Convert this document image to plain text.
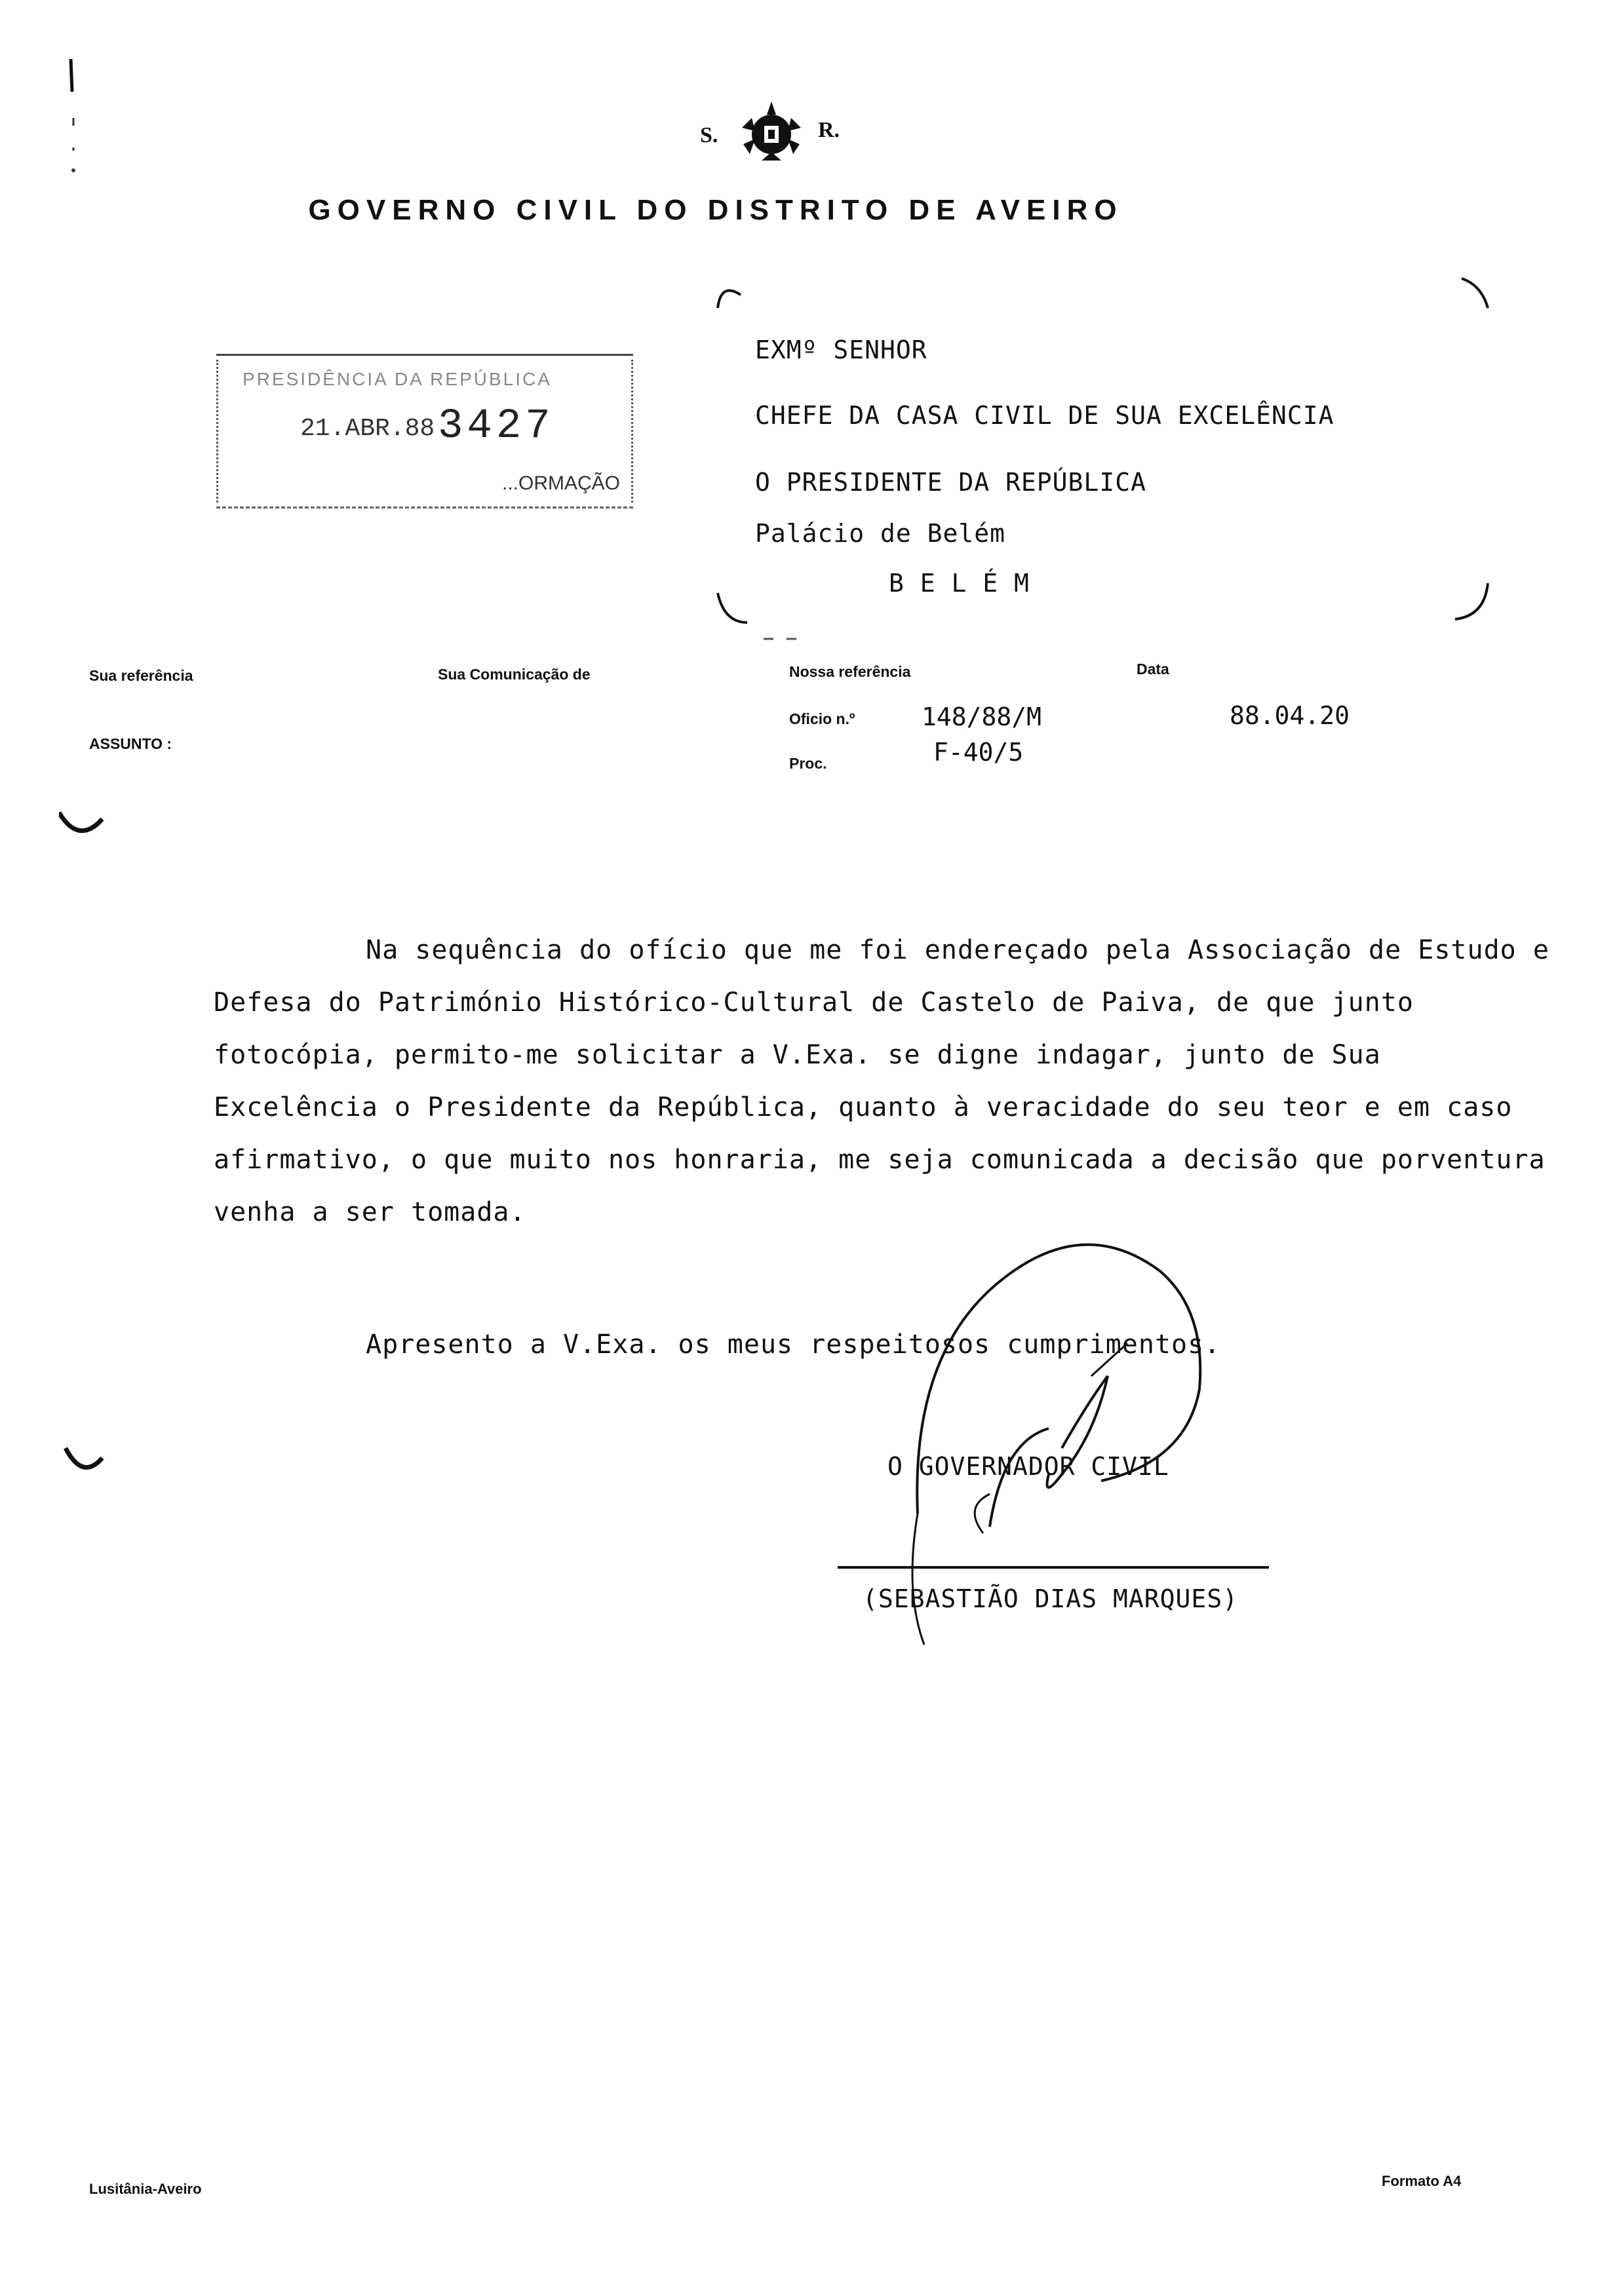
S.	R.
GOVERNO CIVIL DO DISTRITO DE AVEIRO
PRESIDÊNCIA DA REPÚBLICA
21.ABR.88 3427
...ORMAÇÃO
EXMº SENHOR
CHEFE DA CASA CIVIL DE SUA EXCELÊNCIA
O PRESIDENTE DA REPÚBLICA
Palácio de Belém
B E L É M
Sua referência	Sua Comunicação de	Nossa referência	Data
Oficio n.º	148/88/M	88.04.20
ASSUNTO :
Proc.	F-40/5

Na sequência do ofício que me foi endereçado pela Associação de Estudo e Defesa do Património Histórico-Cultural de Castelo de Paiva, de que junto fotocópia, permito-me solicitar a V.Exa. se digne indagar, junto de Sua Excelência o Presidente da República, quanto à veracidade do seu teor e em caso afirmativo, o que muito nos honraria, me seja comunicada a decisão que porventura venha a ser tomada.

Apresento a V.Exa. os meus respeitosos cumprimentos.

O GOVERNADOR CIVIL
(SEBASTIÃO DIAS MARQUES)
Lusitânia-Aveiro	Formato A4
